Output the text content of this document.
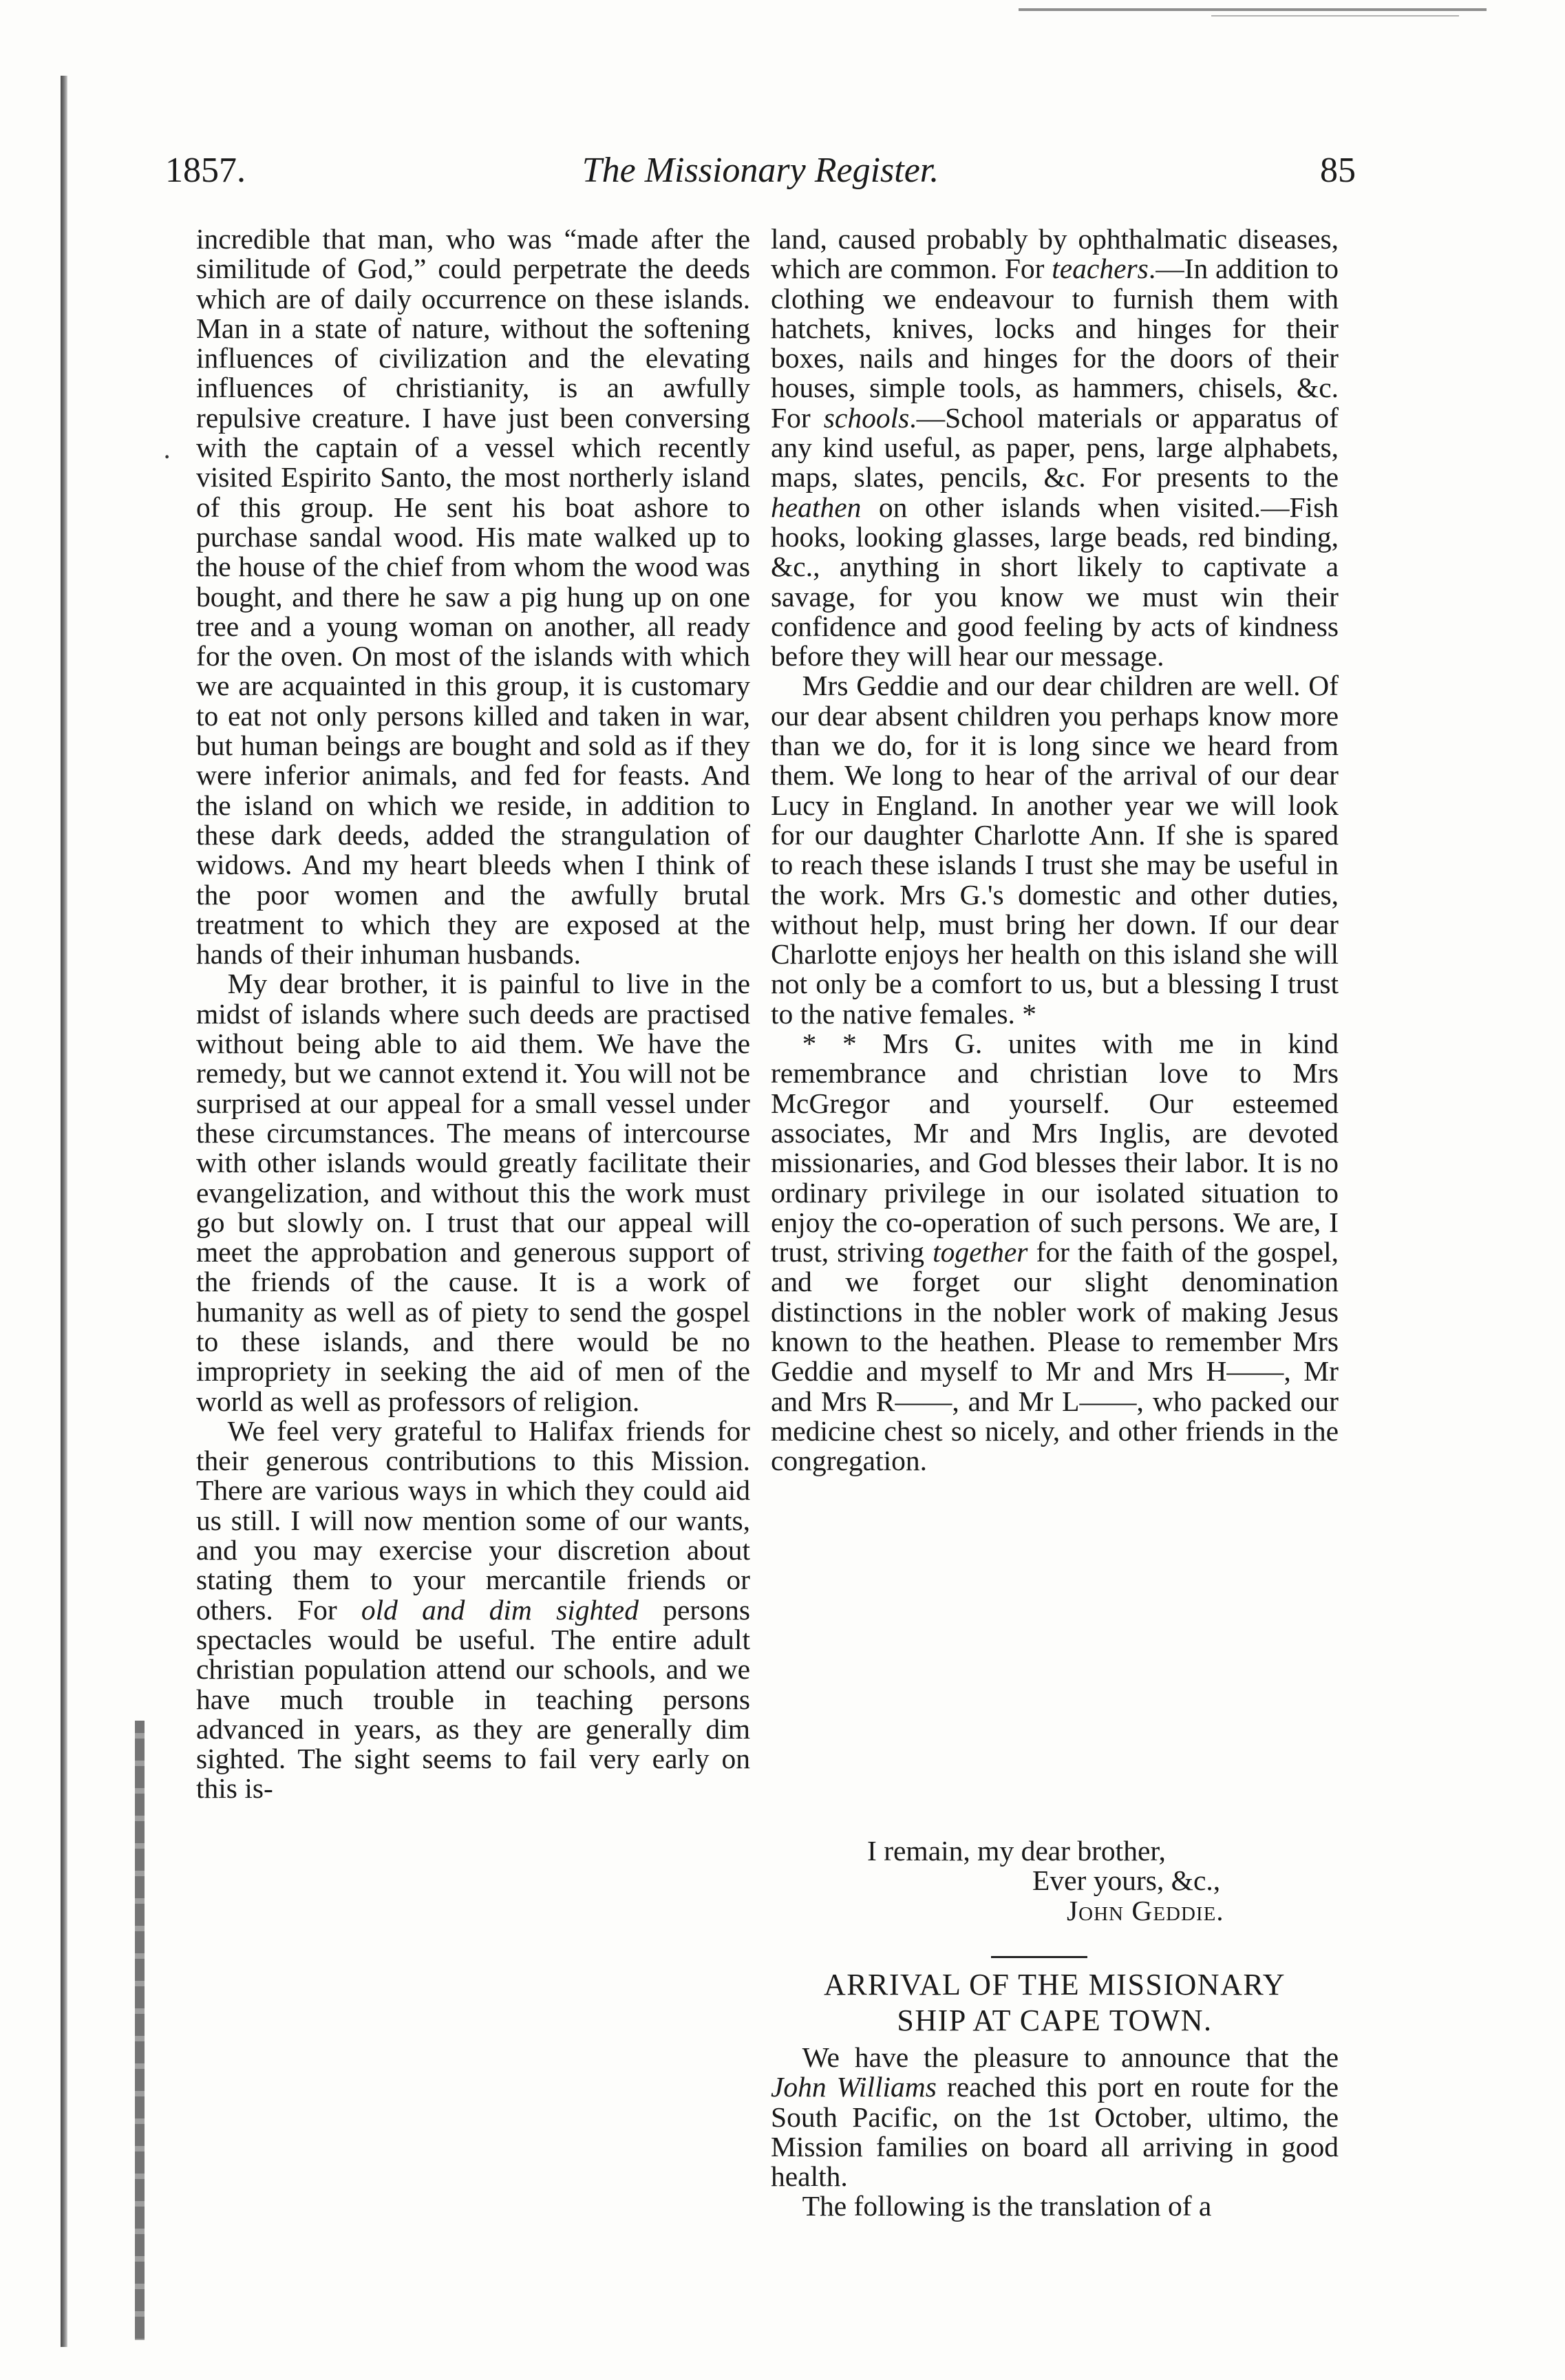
1857.	The Missionary Register.	85

incredible that man, who was “made after the similitude of God,” could perpetrate the deeds which are of daily occurrence on these islands. Man in a state of nature, without the softening influences of civilization and the elevating influences of christianity, is an awfully repulsive creature. I have just been conversing with the captain of a vessel which recently visited Espirito Santo, the most northerly island of this group. He sent his boat ashore to purchase sandal wood. His mate walked up to the house of the chief from whom the wood was bought, and there he saw a pig hung up on one tree and a young woman on another, all ready for the oven. On most of the islands with which we are acquainted in this group, it is customary to eat not only persons killed and taken in war, but human beings are bought and sold as if they were inferior animals, and fed for feasts. And the island on which we reside, in addition to these dark deeds, added the strangulation of widows. And my heart bleeds when I think of the poor women and the awfully brutal treatment to which they are exposed at the hands of their inhuman husbands.

My dear brother, it is painful to live in the midst of islands where such deeds are practised without being able to aid them. We have the remedy, but we cannot extend it. You will not be surprised at our appeal for a small vessel under these circumstances. The means of intercourse with other islands would greatly facilitate their evangelization, and without this the work must go but slowly on. I trust that our appeal will meet the approbation and generous support of the friends of the cause. It is a work of humanity as well as of piety to send the gospel to these islands, and there would be no impropriety in seeking the aid of men of the world as well as professors of religion.

We feel very grateful to Halifax friends for their generous contributions to this Mission. There are various ways in which they could aid us still. I will now mention some of our wants, and you may exercise your discretion about stating them to your mercantile friends or others. For old and dim sighted persons spectacles would be useful. The entire adult christian population attend our schools, and we have much trouble in teaching persons advanced in years, as they are generally dim sighted. The sight seems to fail very early on this is-

land, caused probably by ophthalmatic diseases, which are common. For teachers.—In addition to clothing we endeavour to furnish them with hatchets, knives, locks and hinges for their boxes, nails and hinges for the doors of their houses, simple tools, as hammers, chisels, &c. For schools.—School materials or apparatus of any kind useful, as paper, pens, large alphabets, maps, slates, pencils, &c. For presents to the heathen on other islands when visited.—Fish hooks, looking glasses, large beads, red binding, &c., anything in short likely to captivate a savage, for you know we must win their confidence and good feeling by acts of kindness before they will hear our message.

Mrs Geddie and our dear children are well. Of our dear absent children you perhaps know more than we do, for it is long since we heard from them. We long to hear of the arrival of our dear Lucy in England. In another year we will look for our daughter Charlotte Ann. If she is spared to reach these islands I trust she may be useful in the work. Mrs G.'s domestic and other duties, without help, must bring her down. If our dear Charlotte enjoys her health on this island she will not only be a comfort to us, but a blessing I trust to the native females. *

* * Mrs G. unites with me in kind remembrance and christian love to Mrs McGregor and yourself. Our esteemed associates, Mr and Mrs Inglis, are devoted missionaries, and God blesses their labor. It is no ordinary privilege in our isolated situation to enjoy the co-operation of such persons. We are, I trust, striving together for the faith of the gospel, and we forget our slight denomination distinctions in the nobler work of making Jesus known to the heathen. Please to remember Mrs Geddie and myself to Mr and Mrs H——, Mr and Mrs R——, and Mr L——, who packed our medicine chest so nicely, and other friends in the congregation.

I remain, my dear brother,
Ever yours, &c.,
John Geddie.
ARRIVAL OF THE MISSIONARY
SHIP AT CAPE TOWN.

We have the pleasure to announce that the John Williams reached this port en route for the South Pacific, on the 1st October, ultimo, the Mission families on board all arriving in good health.

The following is the translation of a

·
